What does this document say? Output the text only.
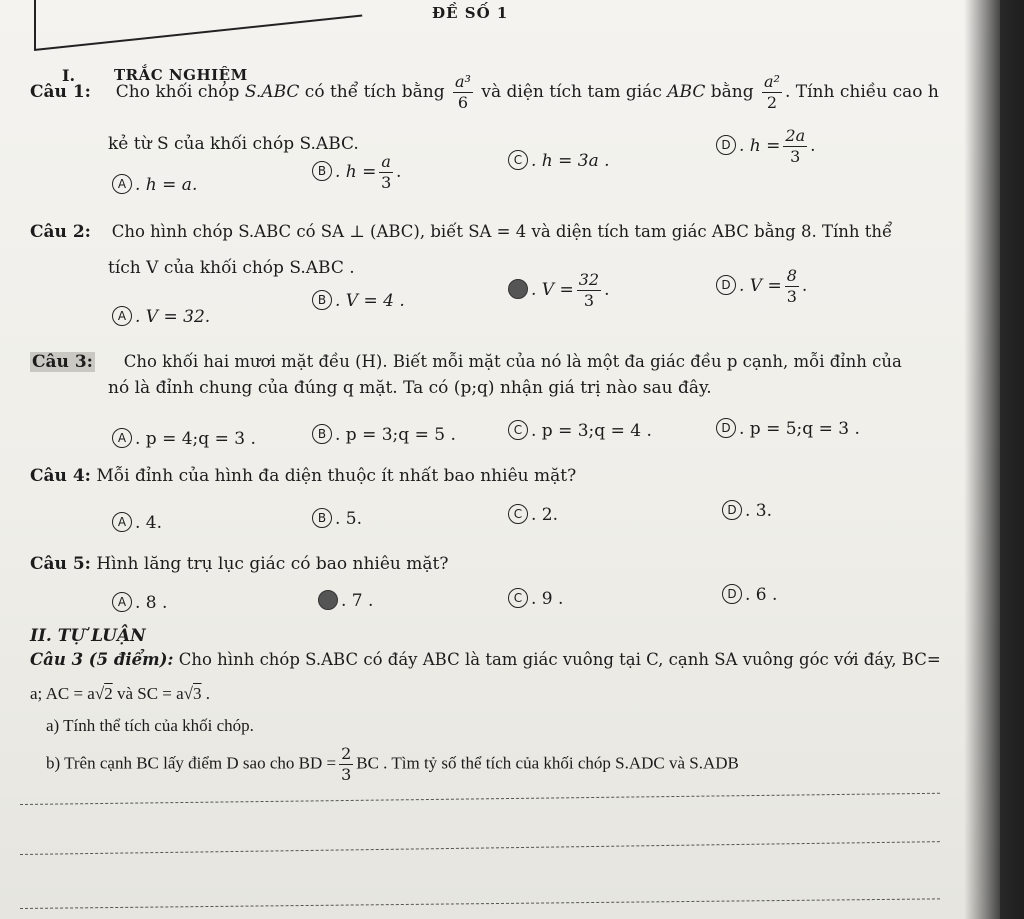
ĐỀ SỐ 1
I.	TRẮC NGHIỆM
Câu 1: Cho khối chóp S.ABC có thể tích bằng $\frac{\text{a³}}{6}$ và diện tích tam giác ABC bằng $\frac{\text{a²}}{2}$ . Tính chiều cao h
kẻ từ S của khối chóp S.ABC.
A . h = a.
B . $h = \frac{a}{3}$ .
C . h = 3a .
D . $h = \frac{2a}{3}$ .
Câu 2: Cho hình chóp S.ABC có SA ⊥ (ABC), biết SA = 4 và diện tích tam giác ABC bằng 8. Tính thể
tích V của khối chóp S.ABC .
A . V = 32.
B . V = 4 .
C . $V = \frac{32}{3}$ .	D . $V = \frac{8}{3}$ .
Câu 3: Cho khối hai mươi mặt đều (H). Biết mỗi mặt của nó là một đa giác đều p cạnh, mỗi đỉnh của
nó là đỉnh chung của đúng q mặt. Ta có (p;q) nhận giá trị nào sau đây.
A . p = 4;q = 3 .	B . p = 3;q = 5 .	C . p = 3;q = 4 .	D . p = 5;q = 3 .
Câu 4: Mỗi đỉnh của hình đa diện thuộc ít nhất bao nhiêu mặt?
A . 4.	B . 5.	C . 2.	D . 3.
Câu 5: Hình lăng trụ lục giác có bao nhiêu mặt?
A . 8 .	B . 7 .	C . 9 .	D . 6 .
II. TỰ LUẬN
Câu 3 (5 điểm): Cho hình chóp S.ABC có đáy ABC là tam giác vuông tại C, cạnh SA vuông góc với đáy, BC=
a; AC = a√2 và SC = a√3 .
a) Tính thể tích của khối chóp.
b) Trên cạnh BC lấy điểm D sao cho BD = $\frac{2}{3}$ BC . Tìm tỷ số thể tích của khối chóp S.ADC và S.ADB
